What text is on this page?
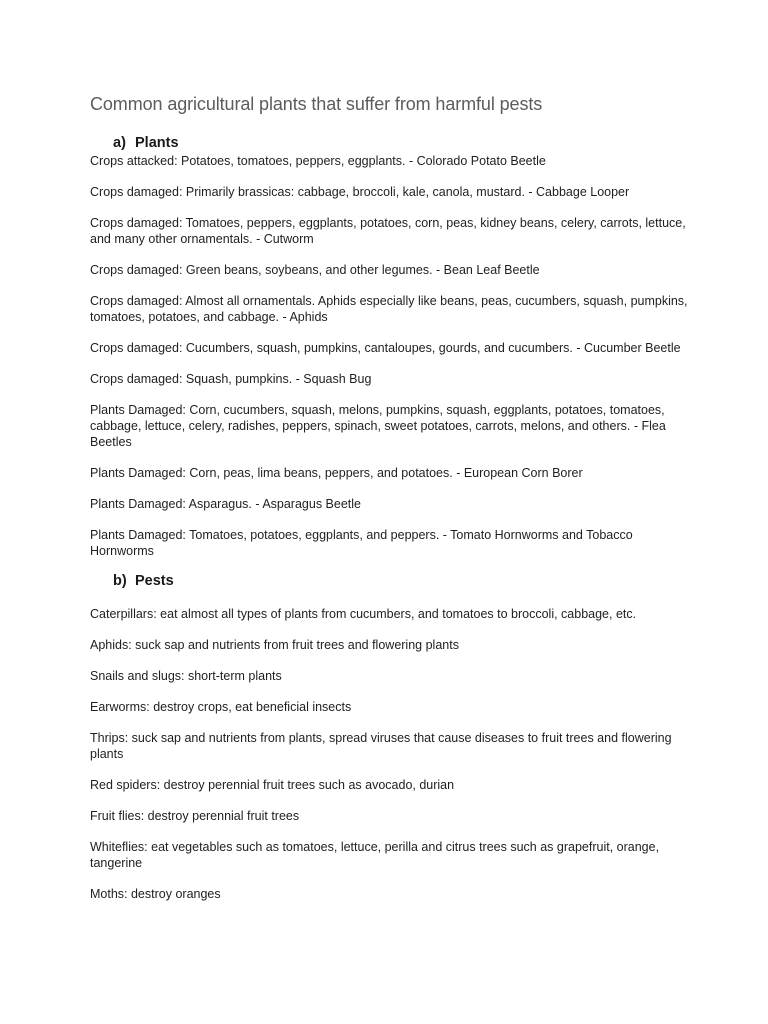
Common agricultural plants that suffer from harmful pests
a) Plants

Crops attacked: Potatoes, tomatoes, peppers, eggplants. - Colorado Potato Beetle

Crops damaged: Primarily brassicas: cabbage, broccoli, kale, canola, mustard. - Cabbage Looper

Crops damaged: Tomatoes, peppers, eggplants, potatoes, corn, peas, kidney beans, celery, carrots, lettuce, and many other ornamentals. - Cutworm

Crops damaged: Green beans, soybeans, and other legumes. - Bean Leaf Beetle

Crops damaged: Almost all ornamentals. Aphids especially like beans, peas, cucumbers, squash, pumpkins, tomatoes, potatoes, and cabbage. - Aphids

Crops damaged: Cucumbers, squash, pumpkins, cantaloupes, gourds, and cucumbers. - Cucumber Beetle

Crops damaged: Squash, pumpkins. - Squash Bug

Plants Damaged: Corn, cucumbers, squash, melons, pumpkins, squash, eggplants, potatoes, tomatoes, cabbage, lettuce, celery, radishes, peppers, spinach, sweet potatoes, carrots, melons, and others. - Flea Beetles

Plants Damaged: Corn, peas, lima beans, peppers, and potatoes. - European Corn Borer

Plants Damaged: Asparagus. - Asparagus Beetle

Plants Damaged: Tomatoes, potatoes, eggplants, and peppers. - Tomato Hornworms and Tobacco Hornworms

b) Pests

Caterpillars: eat almost all types of plants from cucumbers, and tomatoes to broccoli, cabbage, etc.

Aphids: suck sap and nutrients from fruit trees and flowering plants

Snails and slugs: short-term plants

Earworms: destroy crops, eat beneficial insects

Thrips: suck sap and nutrients from plants, spread viruses that cause diseases to fruit trees and flowering plants

Red spiders: destroy perennial fruit trees such as avocado, durian

Fruit flies: destroy perennial fruit trees

Whiteflies: eat vegetables such as tomatoes, lettuce, perilla and citrus trees such as grapefruit, orange, tangerine

Moths: destroy oranges
